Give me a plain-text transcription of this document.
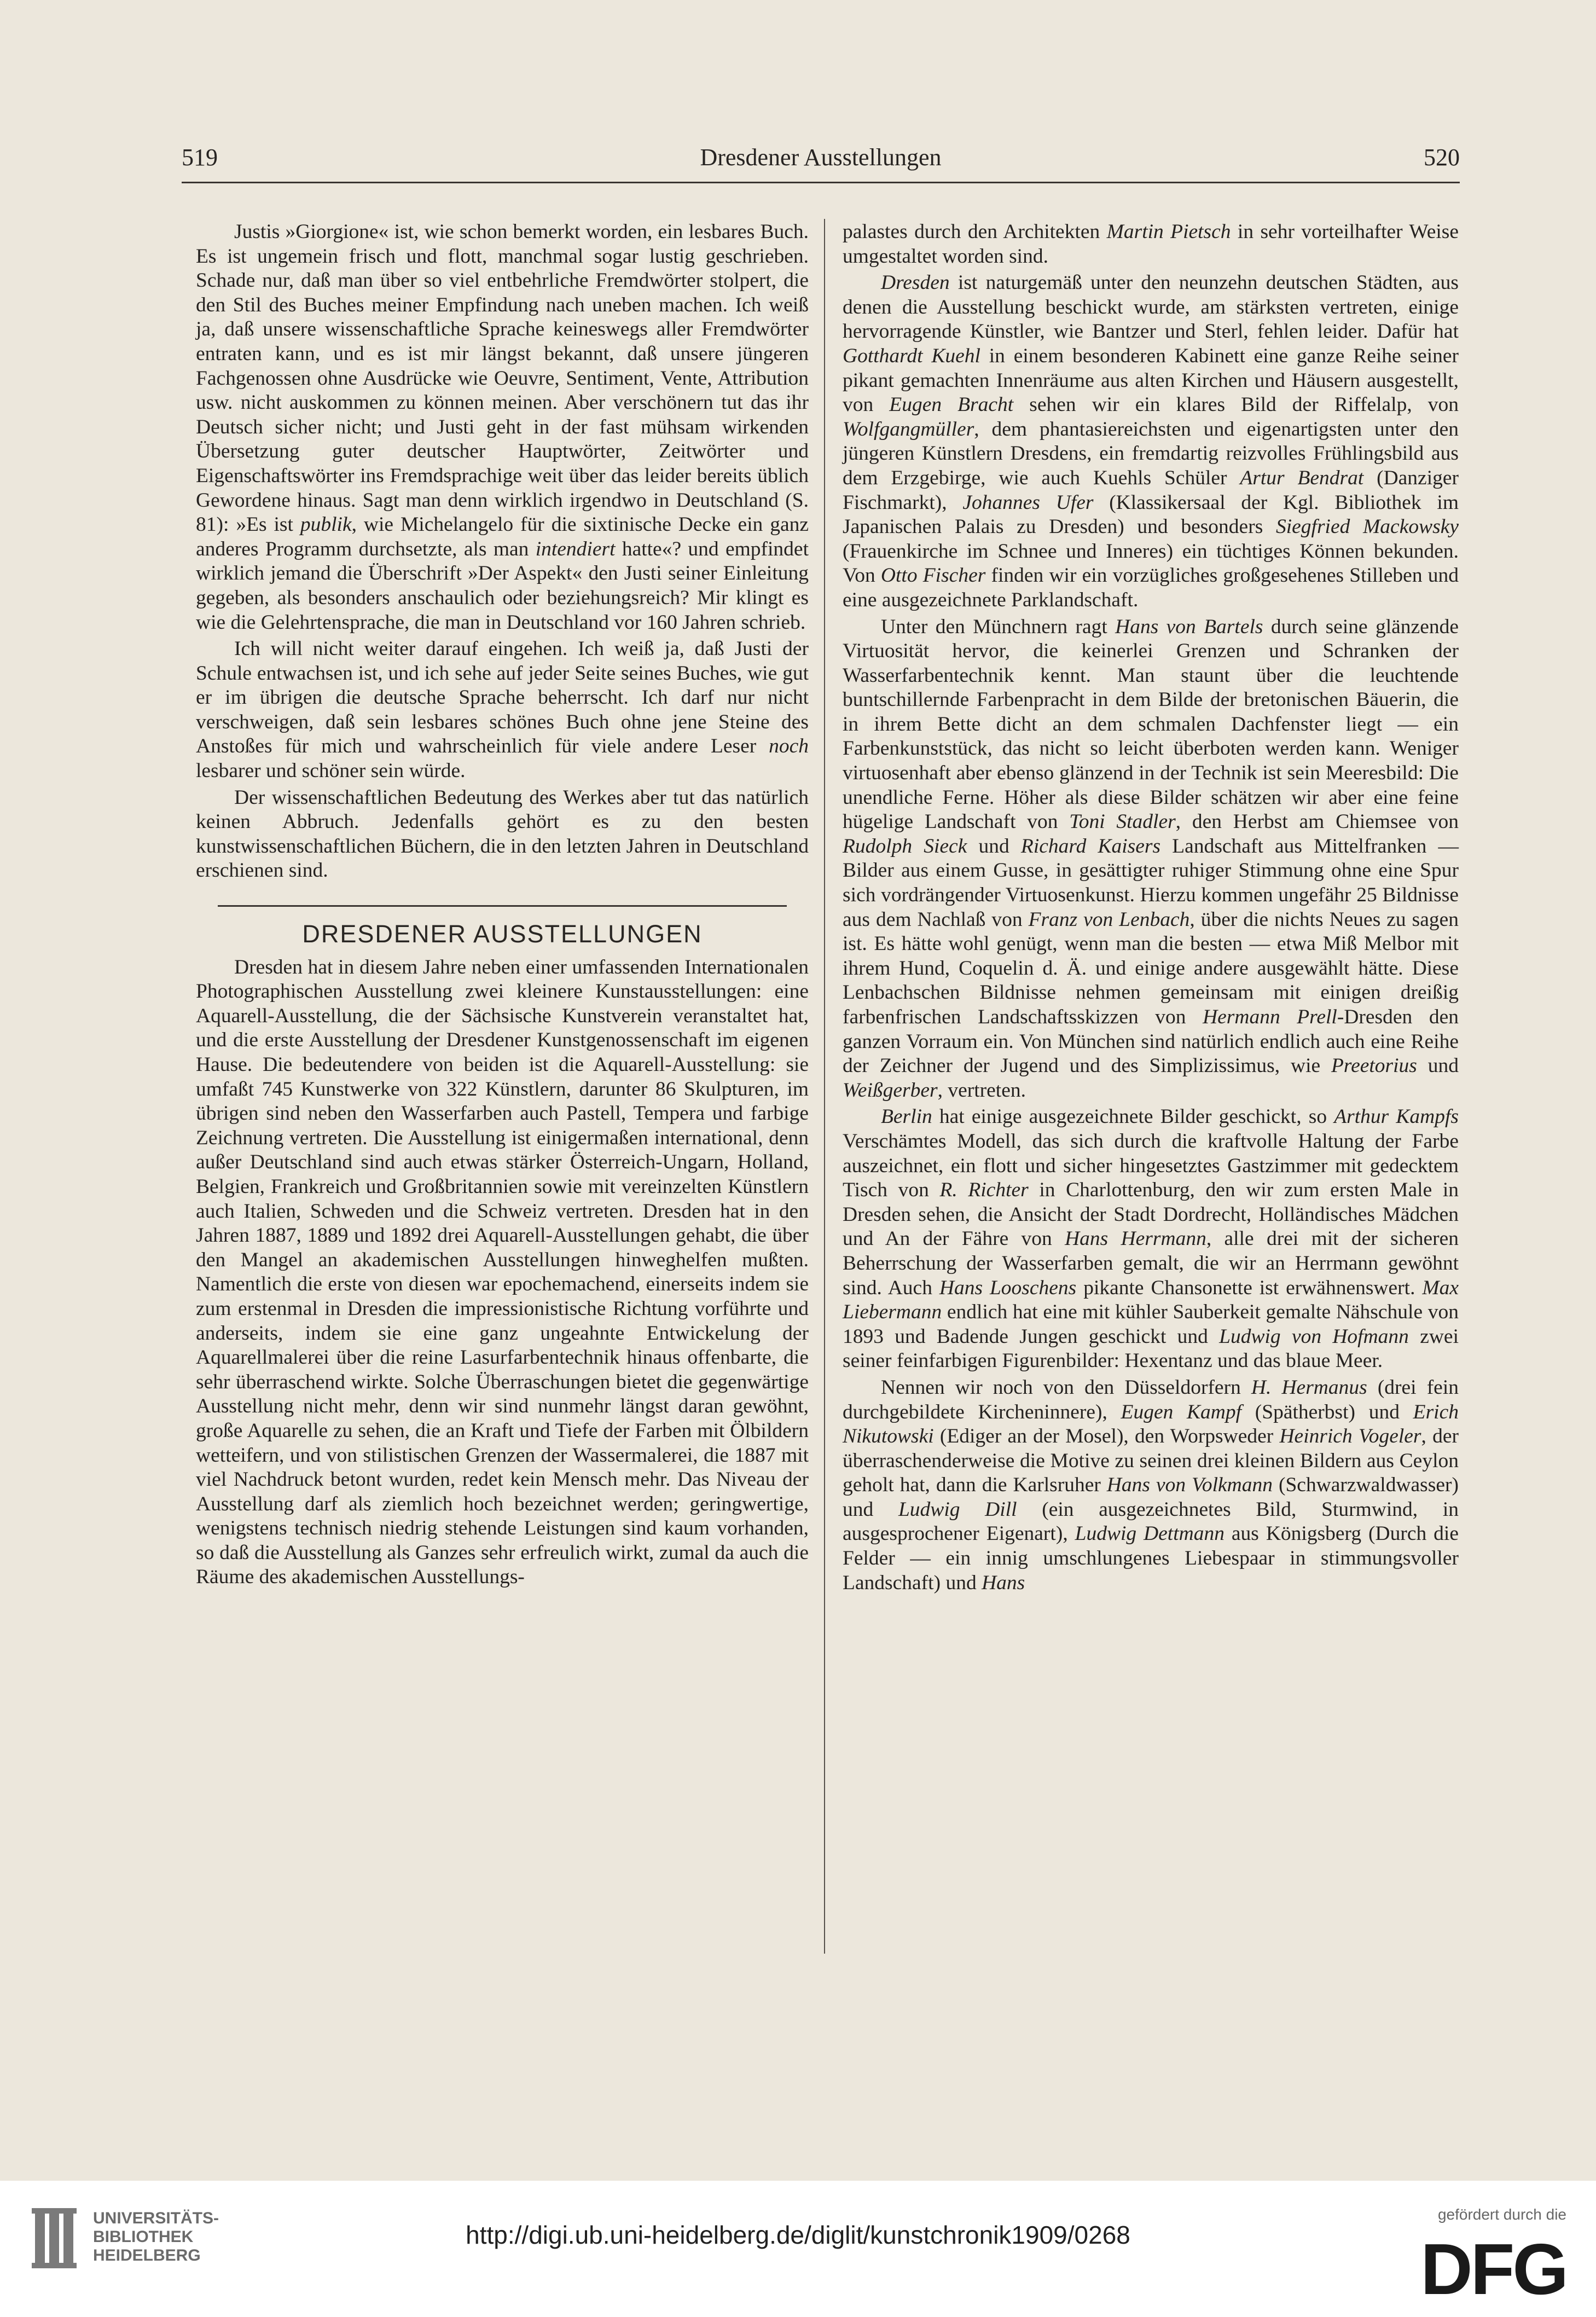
519	Dresdener Ausstellungen	520

Justis »Giorgione« ist, wie schon bemerkt worden, ein lesbares Buch. Es ist ungemein frisch und flott, manchmal sogar lustig geschrieben. Schade nur, daß man über so viel entbehrliche Fremdwörter stolpert, die den Stil des Buches meiner Empfindung nach uneben machen. Ich weiß ja, daß unsere wissenschaftliche Sprache keineswegs aller Fremdwörter entraten kann, und es ist mir längst bekannt, daß unsere jüngeren Fachgenossen ohne Ausdrücke wie Oeuvre, Sentiment, Vente, Attribution usw. nicht auskommen zu können meinen. Aber verschönern tut das ihr Deutsch sicher nicht; und Justi geht in der fast mühsam wirkenden Übersetzung guter deutscher Hauptwörter, Zeitwörter und Eigenschaftswörter ins Fremdsprachige weit über das leider bereits üblich Gewordene hinaus. Sagt man denn wirklich irgendwo in Deutschland (S. 81): »Es ist publik, wie Michelangelo für die sixtinische Decke ein ganz anderes Programm durchsetzte, als man intendiert hatte«? und empfindet wirklich jemand die Überschrift »Der Aspekt« den Justi seiner Einleitung gegeben, als besonders anschaulich oder beziehungsreich? Mir klingt es wie die Gelehrtensprache, die man in Deutschland vor 160 Jahren schrieb.

Ich will nicht weiter darauf eingehen. Ich weiß ja, daß Justi der Schule entwachsen ist, und ich sehe auf jeder Seite seines Buches, wie gut er im übrigen die deutsche Sprache beherrscht. Ich darf nur nicht verschweigen, daß sein lesbares schönes Buch ohne jene Steine des Anstoßes für mich und wahrscheinlich für viele andere Leser noch lesbarer und schöner sein würde.

Der wissenschaftlichen Bedeutung des Werkes aber tut das natürlich keinen Abbruch. Jedenfalls gehört es zu den besten kunstwissenschaftlichen Büchern, die in den letzten Jahren in Deutschland erschienen sind.

DRESDENER AUSSTELLUNGEN

Dresden hat in diesem Jahre neben einer umfassenden Internationalen Photographischen Ausstellung zwei kleinere Kunstausstellungen: eine Aquarell-Ausstellung, die der Sächsische Kunstverein veranstaltet hat, und die erste Ausstellung der Dresdener Kunstgenossenschaft im eigenen Hause. Die bedeutendere von beiden ist die Aquarell-Ausstellung: sie umfaßt 745 Kunstwerke von 322 Künstlern, darunter 86 Skulpturen, im übrigen sind neben den Wasserfarben auch Pastell, Tempera und farbige Zeichnung vertreten. Die Ausstellung ist einigermaßen international, denn außer Deutschland sind auch etwas stärker Österreich-Ungarn, Holland, Belgien, Frankreich und Großbritannien sowie mit vereinzelten Künstlern auch Italien, Schweden und die Schweiz vertreten. Dresden hat in den Jahren 1887, 1889 und 1892 drei Aquarell-Ausstellungen gehabt, die über den Mangel an akademischen Ausstellungen hinweghelfen mußten. Namentlich die erste von diesen war epochemachend, einerseits indem sie zum erstenmal in Dresden die impressionistische Richtung vorführte und anderseits, indem sie eine ganz ungeahnte Entwickelung der Aquarellmalerei über die reine Lasurfarbentechnik hinaus offenbarte, die sehr überraschend wirkte. Solche Überraschungen bietet die gegenwärtige Ausstellung nicht mehr, denn wir sind nunmehr längst daran gewöhnt, große Aquarelle zu sehen, die an Kraft und Tiefe der Farben mit Ölbildern wetteifern, und von stilistischen Grenzen der Wassermalerei, die 1887 mit viel Nachdruck betont wurden, redet kein Mensch mehr. Das Niveau der Ausstellung darf als ziemlich hoch bezeichnet werden; geringwertige, wenigstens technisch niedrig stehende Leistungen sind kaum vorhanden, so daß die Ausstellung als Ganzes sehr erfreulich wirkt, zumal da auch die Räume des akademischen Ausstellungs-

palastes durch den Architekten Martin Pietsch in sehr vorteilhafter Weise umgestaltet worden sind.

Dresden ist naturgemäß unter den neunzehn deutschen Städten, aus denen die Ausstellung beschickt wurde, am stärksten vertreten, einige hervorragende Künstler, wie Bantzer und Sterl, fehlen leider. Dafür hat Gotthardt Kuehl in einem besonderen Kabinett eine ganze Reihe seiner pikant gemachten Innenräume aus alten Kirchen und Häusern ausgestellt, von Eugen Bracht sehen wir ein klares Bild der Riffelalp, von Wolfgangmüller, dem phantasiereichsten und eigenartigsten unter den jüngeren Künstlern Dresdens, ein fremdartig reizvolles Frühlingsbild aus dem Erzgebirge, wie auch Kuehls Schüler Artur Bendrat (Danziger Fischmarkt), Johannes Ufer (Klassikersaal der Kgl. Bibliothek im Japanischen Palais zu Dresden) und besonders Siegfried Mackowsky (Frauenkirche im Schnee und Inneres) ein tüchtiges Können bekunden. Von Otto Fischer finden wir ein vorzügliches großgesehenes Stilleben und eine ausgezeichnete Parklandschaft.

Unter den Münchnern ragt Hans von Bartels durch seine glänzende Virtuosität hervor, die keinerlei Grenzen und Schranken der Wasserfarbentechnik kennt. Man staunt über die leuchtende buntschillernde Farbenpracht in dem Bilde der bretonischen Bäuerin, die in ihrem Bette dicht an dem schmalen Dachfenster liegt — ein Farbenkunststück, das nicht so leicht überboten werden kann. Weniger virtuosenhaft aber ebenso glänzend in der Technik ist sein Meeresbild: Die unendliche Ferne. Höher als diese Bilder schätzen wir aber eine feine hügelige Landschaft von Toni Stadler, den Herbst am Chiemsee von Rudolph Sieck und Richard Kaisers Landschaft aus Mittelfranken — Bilder aus einem Gusse, in gesättigter ruhiger Stimmung ohne eine Spur sich vordrängender Virtuosenkunst. Hierzu kommen ungefähr 25 Bildnisse aus dem Nachlaß von Franz von Lenbach, über die nichts Neues zu sagen ist. Es hätte wohl genügt, wenn man die besten — etwa Miß Melbor mit ihrem Hund, Coquelin d. Ä. und einige andere ausgewählt hätte. Diese Lenbachschen Bildnisse nehmen gemeinsam mit einigen dreißig farbenfrischen Landschaftsskizzen von Hermann Prell-Dresden den ganzen Vorraum ein. Von München sind natürlich endlich auch eine Reihe der Zeichner der Jugend und des Simplizissimus, wie Preetorius und Weißgerber, vertreten.

Berlin hat einige ausgezeichnete Bilder geschickt, so Arthur Kampfs Verschämtes Modell, das sich durch die kraftvolle Haltung der Farbe auszeichnet, ein flott und sicher hingesetztes Gastzimmer mit gedecktem Tisch von R. Richter in Charlottenburg, den wir zum ersten Male in Dresden sehen, die Ansicht der Stadt Dordrecht, Holländisches Mädchen und An der Fähre von Hans Herrmann, alle drei mit der sicheren Beherrschung der Wasserfarben gemalt, die wir an Herrmann gewöhnt sind. Auch Hans Looschens pikante Chansonette ist erwähnenswert. Max Liebermann endlich hat eine mit kühler Sauberkeit gemalte Nähschule von 1893 und Badende Jungen geschickt und Ludwig von Hofmann zwei seiner feinfarbigen Figurenbilder: Hexentanz und das blaue Meer.

Nennen wir noch von den Düsseldorfern H. Hermanus (drei fein durchgebildete Kircheninnere), Eugen Kampf (Spätherbst) und Erich Nikutowski (Ediger an der Mosel), den Worpsweder Heinrich Vogeler, der überraschenderweise die Motive zu seinen drei kleinen Bildern aus Ceylon geholt hat, dann die Karlsruher Hans von Volkmann (Schwarzwaldwasser) und Ludwig Dill (ein ausgezeichnetes Bild, Sturmwind, in ausgesprochener Eigenart), Ludwig Dettmann aus Königsberg (Durch die Felder — ein innig umschlungenes Liebespaar in stimmungsvoller Landschaft) und Hans

UNIVERSITÄTS-
BIBLIOTHEK
HEIDELBERG
http://digi.ub.uni-heidelberg.de/diglit/kunstchronik1909/0268
gefördert durch die
DFG
